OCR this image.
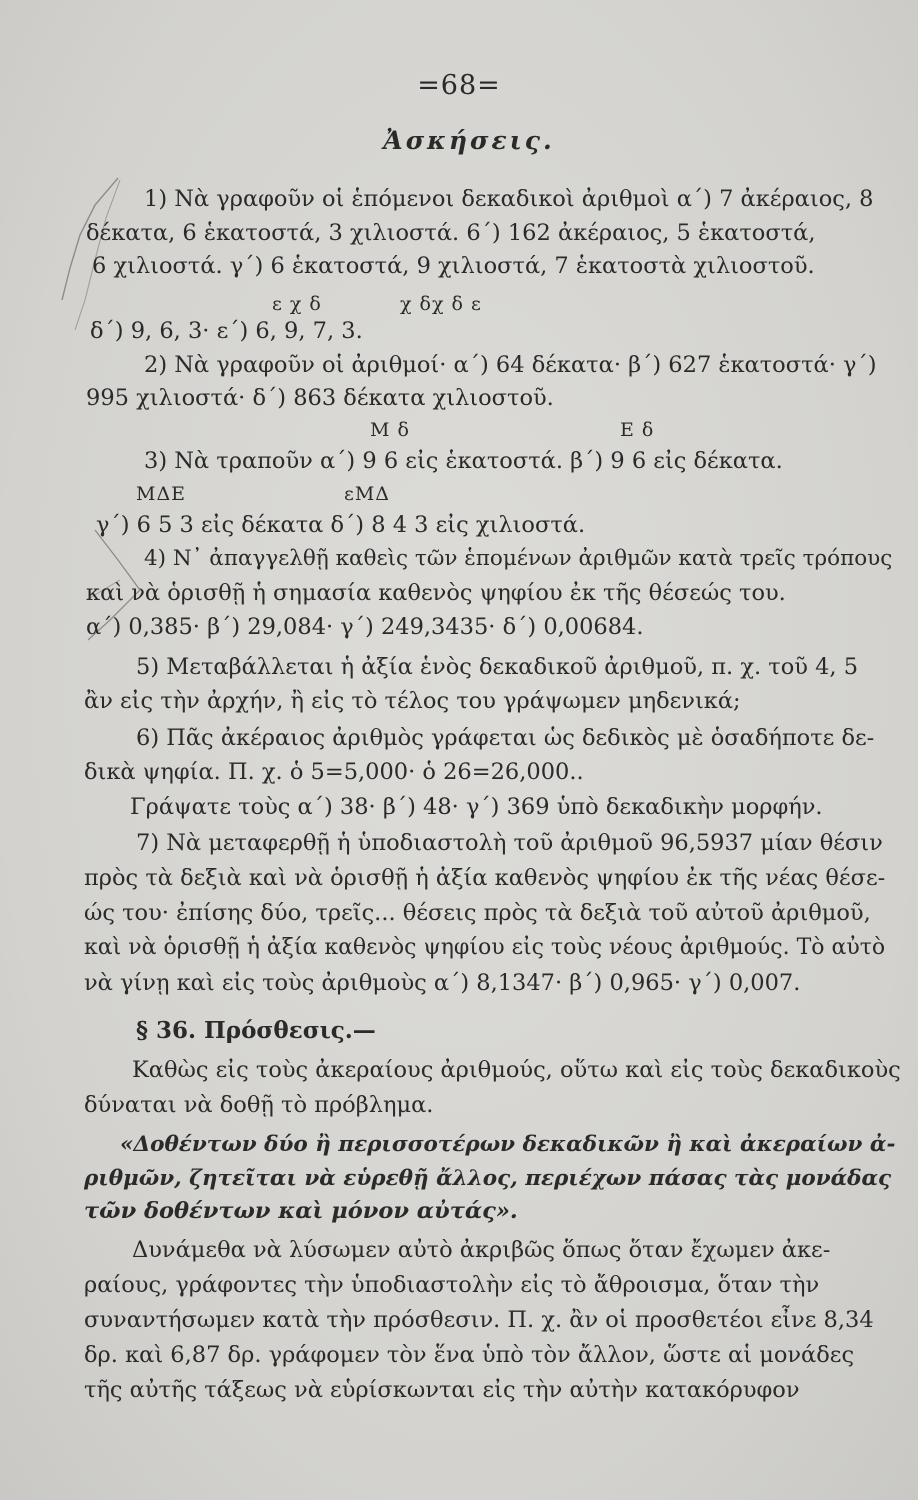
=68=
Ἀσκήσεις.
1) Νὰ γραφοῦν οἱ ἑπόμενοι δεκαδικοὶ ἀριθμοὶ α΄) 7 ἀκέραιος, 8
δέκατα, 6 ἑκατοστά, 3 χιλιοστά. 6΄) 162 ἀκέραιος, 5 ἑκατοστά,
6 χιλιοστά. γ΄) 6 ἑκατοστά, 9 χιλιοστά, 7 ἑκατοστὰ χιλιοστοῦ.
ε χ δ	χ δχ δ ε
δ΄) 9, 6, 3· ε΄) 6, 9, 7, 3.
2) Νὰ γραφοῦν οἱ ἀριθμοί· α΄) 64 δέκατα· β΄) 627 ἑκατοστά· γ΄)
995 χιλιοστά· δ΄) 863 δέκατα χιλιοστοῦ.
Μ δ	Ε δ
3) Νὰ τραποῦν α΄) 9 6 εἰς ἑκατοστά. β΄) 9 6 εἰς δέκατα.
ΜΔΕ	εΜΔ
γ΄) 6 5 3 εἰς δέκατα δ΄) 8 4 3 εἰς χιλιοστά.
4) Ν᾿ ἀπαγγελθῇ καθεὶς τῶν ἑπομένων ἀριθμῶν κατὰ τρεῖς τρόπους
καὶ νὰ ὁρισθῇ ἡ σημασία καθενὸς ψηφίου ἐκ τῆς θέσεώς του.
α΄) 0,385· β΄) 29,084· γ΄) 249,3435· δ΄) 0,00684.
5) Μεταβάλλεται ἡ ἀξία ἑνὸς δεκαδικοῦ ἀριθμοῦ, π. χ. τοῦ 4, 5
ἂν εἰς τὴν ἀρχήν, ἢ εἰς τὸ τέλος του γράψωμεν μηδενικά;
6) Πᾶς ἀκέραιος ἀριθμὸς γράφεται ὡς δεδικὸς μὲ ὁσαδήποτε δε-
δικὰ ψηφία. Π. χ. ὁ 5=5,000· ὁ 26=26,000..
Γράψατε τοὺς α΄) 38· β΄) 48· γ΄) 369 ὑπὸ δεκαδικὴν μορφήν.
7) Νὰ μεταφερθῇ ἡ ὑποδιαστολὴ τοῦ ἀριθμοῦ 96,5937 μίαν θέσιν
πρὸς τὰ δεξιὰ καὶ νὰ ὁρισθῇ ἡ ἀξία καθενὸς ψηφίου ἐκ τῆς νέας θέσε-
ώς του· ἐπίσης δύο, τρεῖς... θέσεις πρὸς τὰ δεξιὰ τοῦ αὐτοῦ ἀριθμοῦ,
καὶ νὰ ὁρισθῇ ἡ ἀξία καθενὸς ψηφίου εἰς τοὺς νέους ἀριθμούς. Τὸ αὐτὸ
νὰ γίνῃ καὶ εἰς τοὺς ἀριθμοὺς α΄) 8,1347· β΄) 0,965· γ΄) 0,007.
§ 36. Πρόσθεσις.—
Καθὼς εἰς τοὺς ἀκεραίους ἀριθμούς, οὕτω καὶ εἰς τοὺς δεκαδικοὺς
δύναται νὰ δοθῇ τὸ πρόβλημα.
«Δοθέντων δύο ἢ περισσοτέρων δεκαδικῶν ἢ καὶ ἀκεραίων ἀ-
ριθμῶν, ζητεῖται νὰ εὑρεθῇ ἄλλος, περιέχων πάσας τὰς μονάδας
τῶν δοθέντων καὶ μόνον αὐτάς».
Δυνάμεθα νὰ λύσωμεν αὐτὸ ἀκριβῶς ὅπως ὅταν ἔχωμεν ἀκε-
ραίους, γράφοντες τὴν ὑποδιαστολὴν εἰς τὸ ἄθροισμα, ὅταν τὴν
συναντήσωμεν κατὰ τὴν πρόσθεσιν. Π. χ. ἂν οἱ προσθετέοι εἶνε 8,34
δρ. καὶ 6,87 δρ. γράφομεν τὸν ἕνα ὑπὸ τὸν ἄλλον, ὥστε αἱ μονάδες
τῆς αὐτῆς τάξεως νὰ εὑρίσκωνται εἰς τὴν αὐτὴν κατακόρυφον
